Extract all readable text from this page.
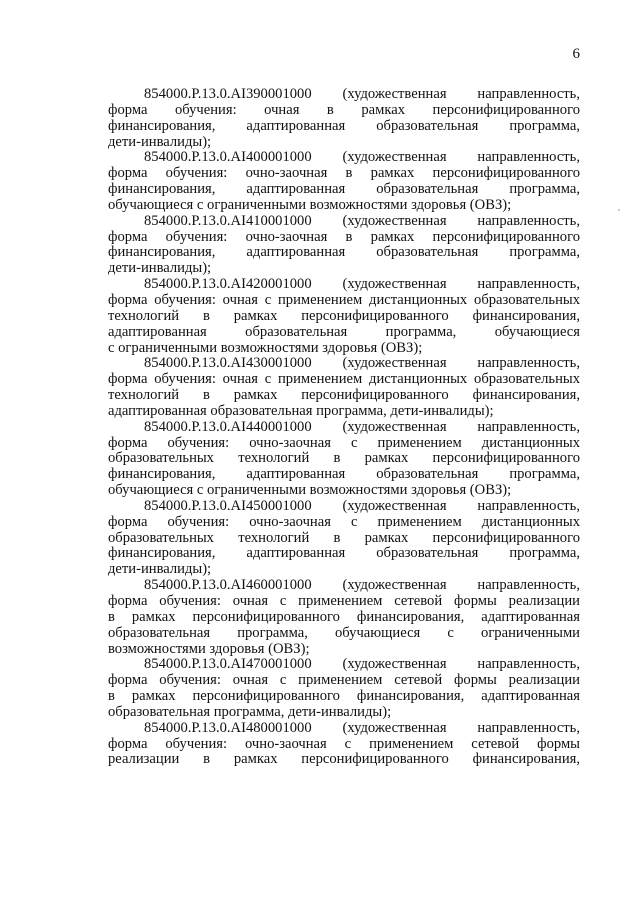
6

854000.Р.13.0.АІ390001000 (художественная направленность,
форма обучения: очная в рамках персонифицированного
финансирования, адаптированная образовательная программа,
дети-инвалиды);

854000.Р.13.0.АІ400001000 (художественная направленность,
форма обучения: очно-заочная в рамках персонифицированного
финансирования, адаптированная образовательная программа,
обучающиеся с ограниченными возможностями здоровья (ОВЗ);

854000.Р.13.0.АІ410001000 (художественная направленность,
форма обучения: очно-заочная в рамках персонифицированного
финансирования, адаптированная образовательная программа,
дети-инвалиды);

854000.Р.13.0.АІ420001000 (художественная направленность,
форма обучения: очная с применением дистанционных образовательных
технологий в рамках персонифицированного финансирования,
адаптированная образовательная программа, обучающиеся
с ограниченными возможностями здоровья (ОВЗ);

854000.Р.13.0.АІ430001000 (художественная направленность,
форма обучения: очная с применением дистанционных образовательных
технологий в рамках персонифицированного финансирования,
адаптированная образовательная программа, дети-инвалиды);

854000.Р.13.0.АІ440001000 (художественная направленность,
форма обучения: очно-заочная с применением дистанционных
образовательных технологий в рамках персонифицированного
финансирования, адаптированная образовательная программа,
обучающиеся с ограниченными возможностями здоровья (ОВЗ);

854000.Р.13.0.АІ450001000 (художественная направленность,
форма обучения: очно-заочная с применением дистанционных
образовательных технологий в рамках персонифицированного
финансирования, адаптированная образовательная программа,
дети-инвалиды);

854000.Р.13.0.АІ460001000 (художественная направленность,
форма обучения: очная с применением сетевой формы реализации
в рамках персонифицированного финансирования, адаптированная
образовательная программа, обучающиеся с ограниченными
возможностями здоровья (ОВЗ);

854000.Р.13.0.АІ470001000 (художественная направленность,
форма обучения: очная с применением сетевой формы реализации
в рамках персонифицированного финансирования, адаптированная
образовательная программа, дети-инвалиды);

854000.Р.13.0.АІ480001000 (художественная направленность,
форма обучения: очно-заочная с применением сетевой формы
реализации в рамках персонифицированного финансирования,
